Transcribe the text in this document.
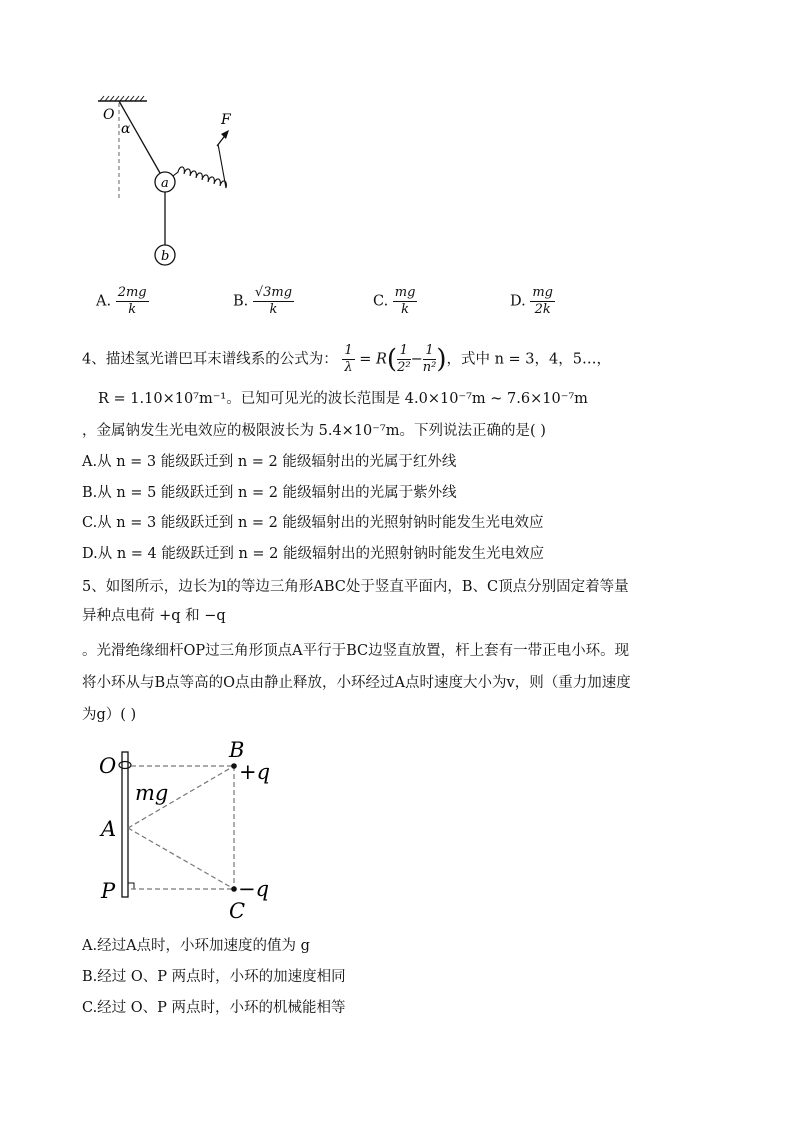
O
α
F
a
b
A. $\frac{2mg}{k}$	B. $\frac{√3mg}{k}$	C. $\frac{mg}{k}$	D. $\frac{mg}{2k}$
4、描述氢光谱巴耳末谱线系的公式为： $\frac{1}{\lambda} = R( \frac{1}{\text{2²}} - \frac{1}{\text{n²}}$ )，式中 n = 3，4，5…，
R = 1.10×10⁷m⁻¹。已知可见光的波长范围是 4.0×10⁻⁷m ~ 7.6×10⁻⁷m
，金属钠发生光电效应的极限波长为 5.4×10⁻⁷m。下列说法正确的是( )
A.从 n = 3 能级跃迁到 n = 2 能级辐射出的光属于红外线
B.从 n = 5 能级跃迁到 n = 2 能级辐射出的光属于紫外线
C.从 n = 3 能级跃迁到 n = 2 能级辐射出的光照射钠时能发生光电效应
D.从 n = 4 能级跃迁到 n = 2 能级辐射出的光照射钠时能发生光电效应
5、如图所示，边长为l的等边三角形ABC处于竖直平面内，B、C顶点分别固定着等量
异种点电荷 +q 和 −q
。光滑绝缘细杆OP过三角形顶点A平行于BC边竖直放置，杆上套有一带正电小环。现
将小环从与B点等高的O点由静止释放，小环经过A点时速度大小为v，则（重力加速度
为g）( )
O
B
+q
mg
A
P	−q
C
A.经过A点时，小环加速度的值为 g
B.经过 O、P 两点时，小环的加速度相同
C.经过 O、P 两点时，小环的机械能相等
